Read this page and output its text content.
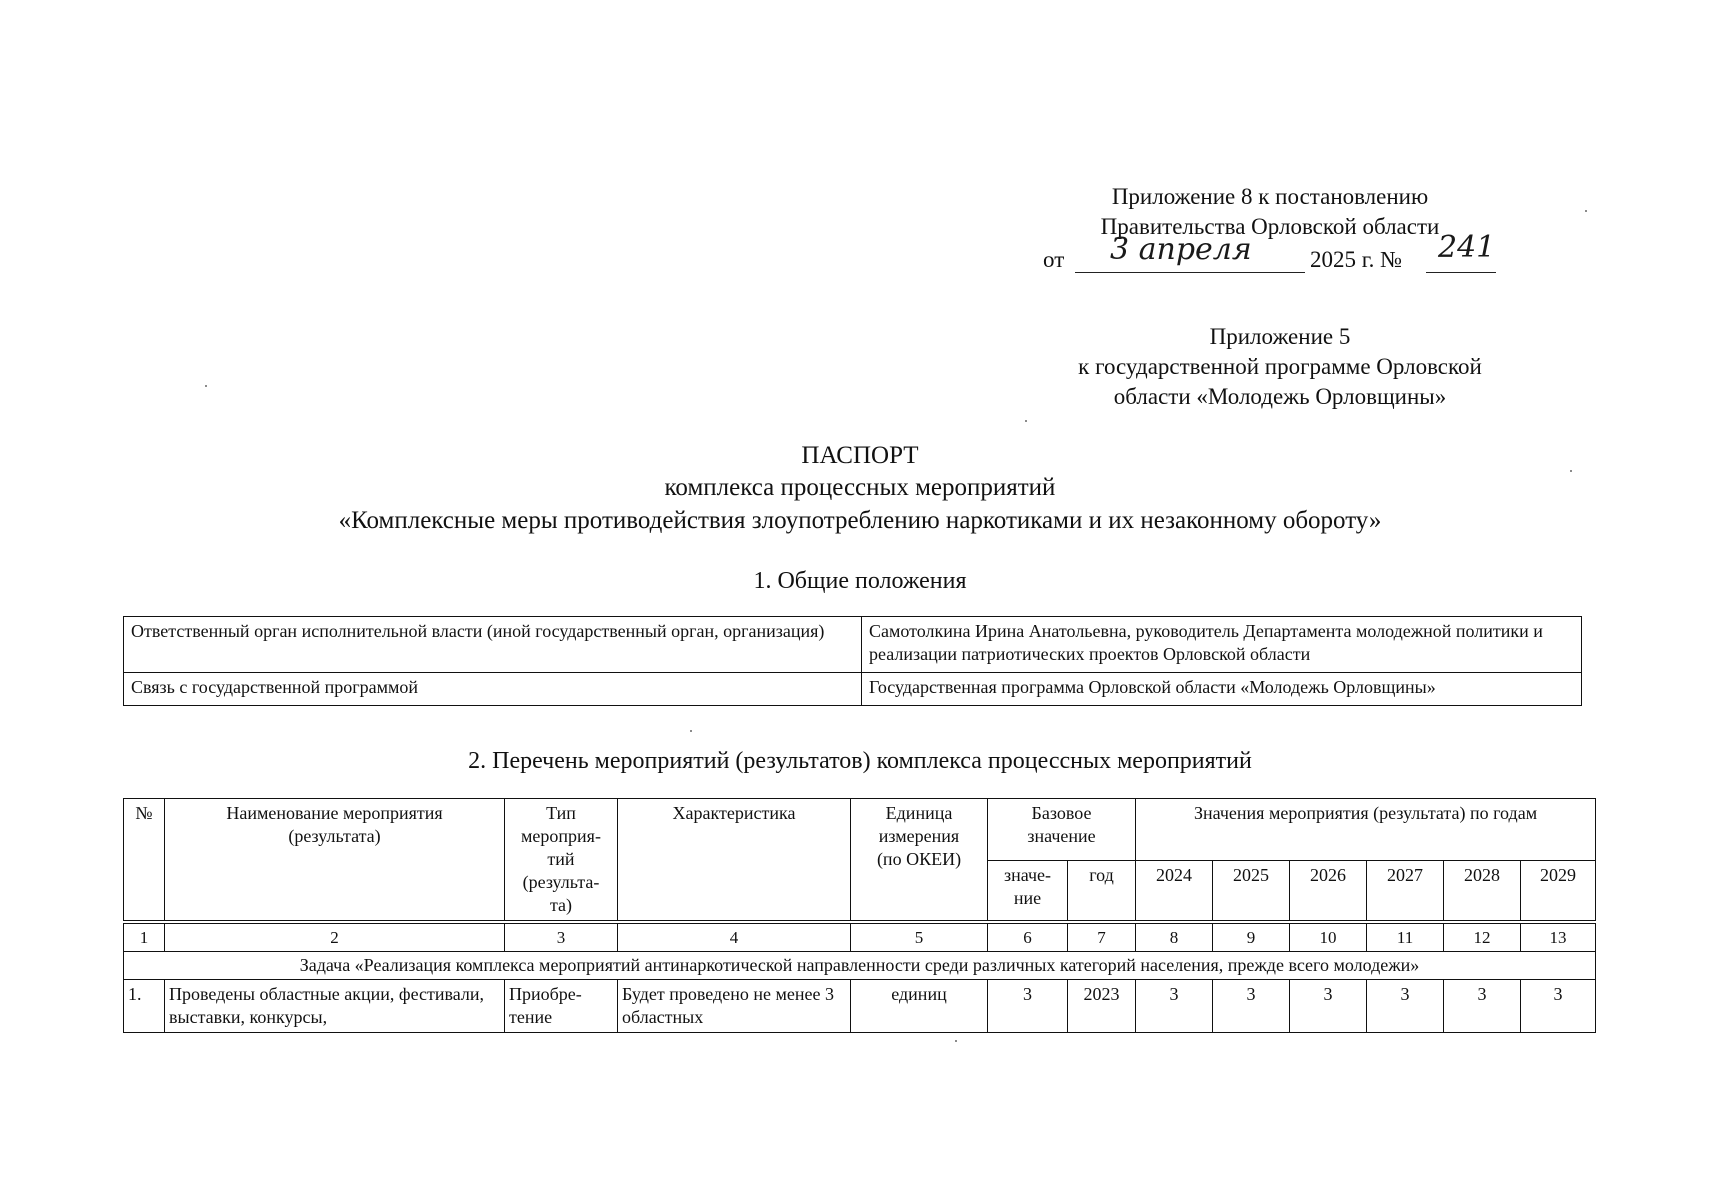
Приложение 8 к постановлению
Правительства Орловской области
от 3 апреля	2025 г. № 241
Приложение 5
к государственной программе Орловской
области «Молодежь Орловщины»
ПАСПОРТ
комплекса процессных мероприятий
«Комплексные меры противодействия злоупотреблению наркотиками и их незаконному обороту»
1. Общие положения
Ответственный орган исполнительной власти (иной государственный орган, организация)	Самотолкина Ирина Анатольевна, руководитель Департамента молодежной политики и реализации патриотических проектов Орловской области
Связь с государственной программой	Государственная программа Орловской области «Молодежь Орловщины»
2. Перечень мероприятий (результатов) комплекса процессных мероприятий
№	Наименование мероприятия (результата)	Тип мероприя- тий (результа- та)	Характеристика	Единица измерения (по ОКЕИ)	Базовое значение		Значения мероприятия (результата) по годам					
					значе- ние	год	2024	2025	2026	2027	2028	2029

1	2	3	4	5	6	7	8	9	10	11	12	13
Задача «Реализация комплекса мероприятий антинаркотической направленности среди различных категорий населения, прежде всего молодежи»												
1.	Проведены областные акции, фестивали, выставки, конкурсы,	Приобре- тение	Будет проведено не менее 3 областных	единиц	3	2023	3	3	3	3	3	3
